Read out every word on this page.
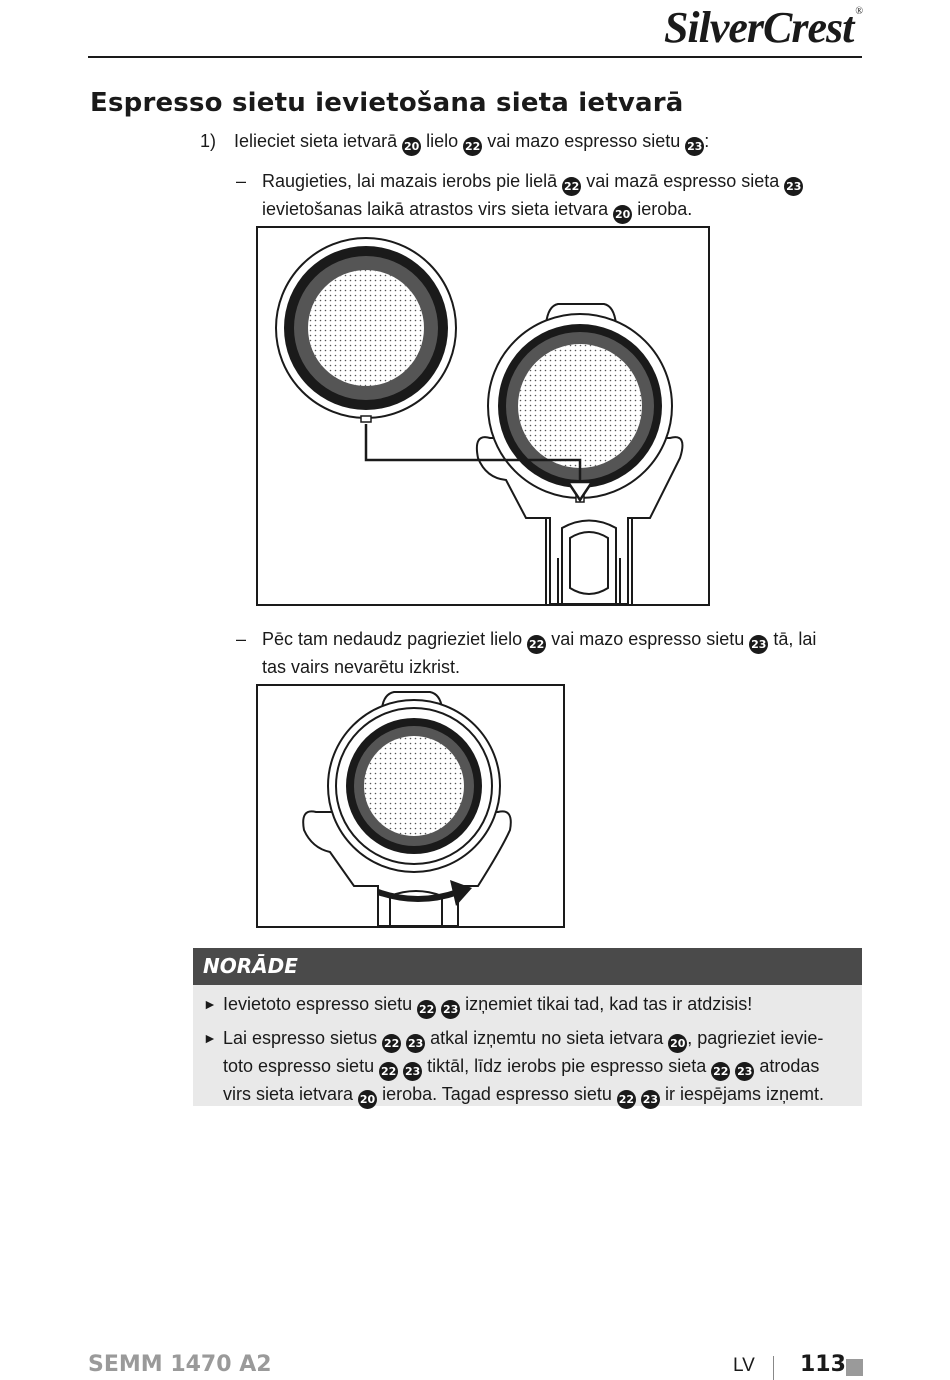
SilverCrest ®
Espresso sietu ievietošana sieta ietvarā
1) Ielieciet sieta ietvarā 20 lielo 22 vai mazo espresso sietu 23 :
– Raugieties, lai mazais ierobs pie lielā 22 vai mazā espresso sieta 23
ievietošanas laikā atrastos virs sieta ietvara 20 ieroba.
– Pēc tam nedaudz pagrieziet lielo 22 vai mazo espresso sietu 23 tā, lai
tas vairs nevarētu izkrist.
NORĀDE
► Ievietoto espresso sietu 22 23 izņemiet tikai tad, kad tas ir atdzisis!
► Lai espresso sietus 22 23 atkal izņemtu no sieta ietvara 20 , pagrieziet ievie-
toto espresso sietu 22 23 tiktāl, līdz ierobs pie espresso sieta 22 23 atrodas
virs sieta ietvara 20 ieroba. Tagad espresso sietu 22 23 ir iespējams izņemt.
SEMM 1470 A2	LV 113
